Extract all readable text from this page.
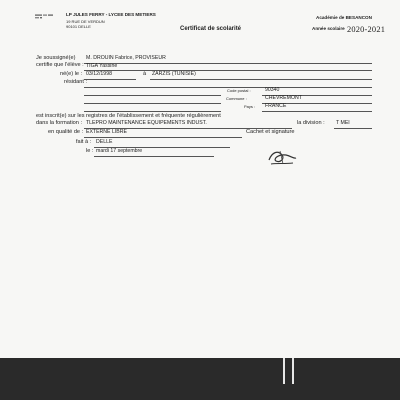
LP JULES FERRY - LYCEE DES METIERS
19 RUE DE VERDUN
90101 DELLE	Certificat de scolarité
Académie de BESANCON
Année scolaire 2020-2021
Je soussigné(e) M. DROUIN Fabrice, PROVISEUR
certifie que l'élève : TIGA Yassine
né(e) le : 03/12/1998	à ZARZIS (TUNISIE)
résidant :
Code postal :	90340
Commune :	CHEVREMONT
Pays : FRANCE
est inscrit(e) sur les registres de l'établissement et fréquente régulièrement
dans la formation : TLEPRO MAINTENANCE EQUIPEMENTS INDUST.	la division : T MEI
en qualité de : EXTERNE LIBRE	Cachet et signature
fait à : DELLE
le : mardi 17 septembre
